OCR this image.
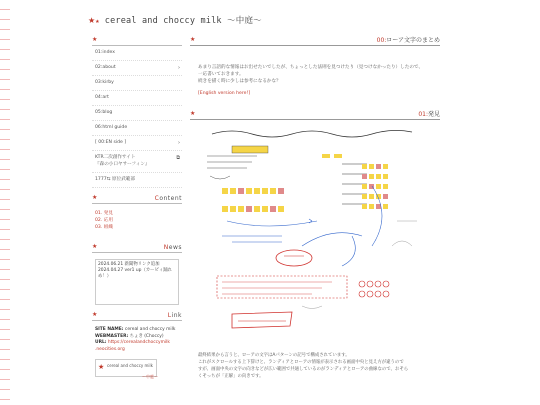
★★ cereal and choccy milk ～中庭～
★
01:index
02:about	›
03:kirby
04:art
05:blog
06:html guide
[ 00:EN side ]	›
KTR二次創作サイト
『森の小口ヤサーフィン』
⧉
1777⇆ 原位武範部
★	Content
01. 発見
02. 応用
03. 組織
★	News
2024.06.21 新聞物リンク追加
2024.04.27 ver1 up（カービィ踊れ
め！）
★	Link
SITE NAME: cereal and choccy milk
WEBMASTER: ちょき (Choccy)
URL: https://cerealandchoccymilk
.neocities.org
★ cereal and choccy milk
～中庭～
★	00:ローア文字のまとめ
あまり言語的な情報はお出せたいでしたが、ちょっとした法則を見つけたり（見つけなかったり）したので、
一応書いておきます。
続きを描く時に少しは参考になるかな？
[English version here!]
★	01:発見
最終結果から言うと、ローアの文字はAパターンの記号で構成されています。
これがスクロールする上下辞けと、ランディアとローアの情報が表示される画面中央と見え方が違うので
すが、画面中央の文字の向きなどが広い範囲で共通しているのがランディアとローアの曲線なので、おそら
くそっちが「正解」の向きです。
